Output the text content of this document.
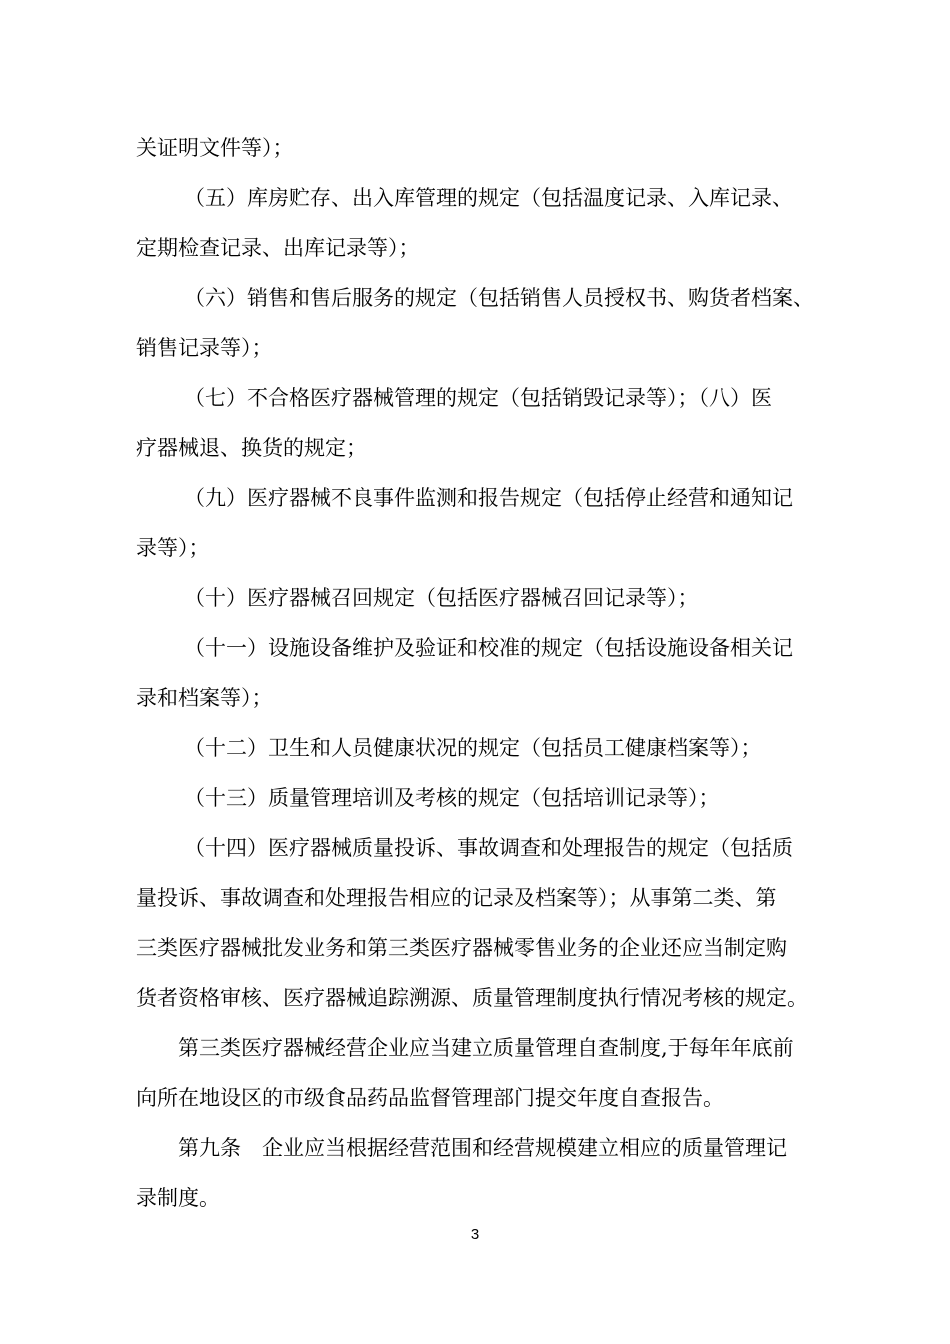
关证明文件等）；
（五）库房贮存、出入库管理的规定（包括温度记录、入库记录、
定期检查记录、出库记录等）；
（六）销售和售后服务的规定（包括销售人员授权书、购货者档案、
销售记录等）；
（七）不合格医疗器械管理的规定（包括销毁记录等）；（八）医
疗器械退、换货的规定；
（九）医疗器械不良事件监测和报告规定（包括停止经营和通知记
录等）；
（十）医疗器械召回规定（包括医疗器械召回记录等）；
（十一）设施设备维护及验证和校准的规定（包括设施设备相关记
录和档案等）；
（十二）卫生和人员健康状况的规定（包括员工健康档案等）；
（十三）质量管理培训及考核的规定（包括培训记录等）；
（十四）医疗器械质量投诉、事故调查和处理报告的规定（包括质
量投诉、事故调查和处理报告相应的记录及档案等）；从事第二类、第
三类医疗器械批发业务和第三类医疗器械零售业务的企业还应当制定购
货者资格审核、医疗器械追踪溯源、质量管理制度执行情况考核的规定。
第三类医疗器械经营企业应当建立质量管理自查制度,于每年年底前
向所在地设区的市级食品药品监督管理部门提交年度自查报告。
第九条　企业应当根据经营范围和经营规模建立相应的质量管理记
录制度。
3
